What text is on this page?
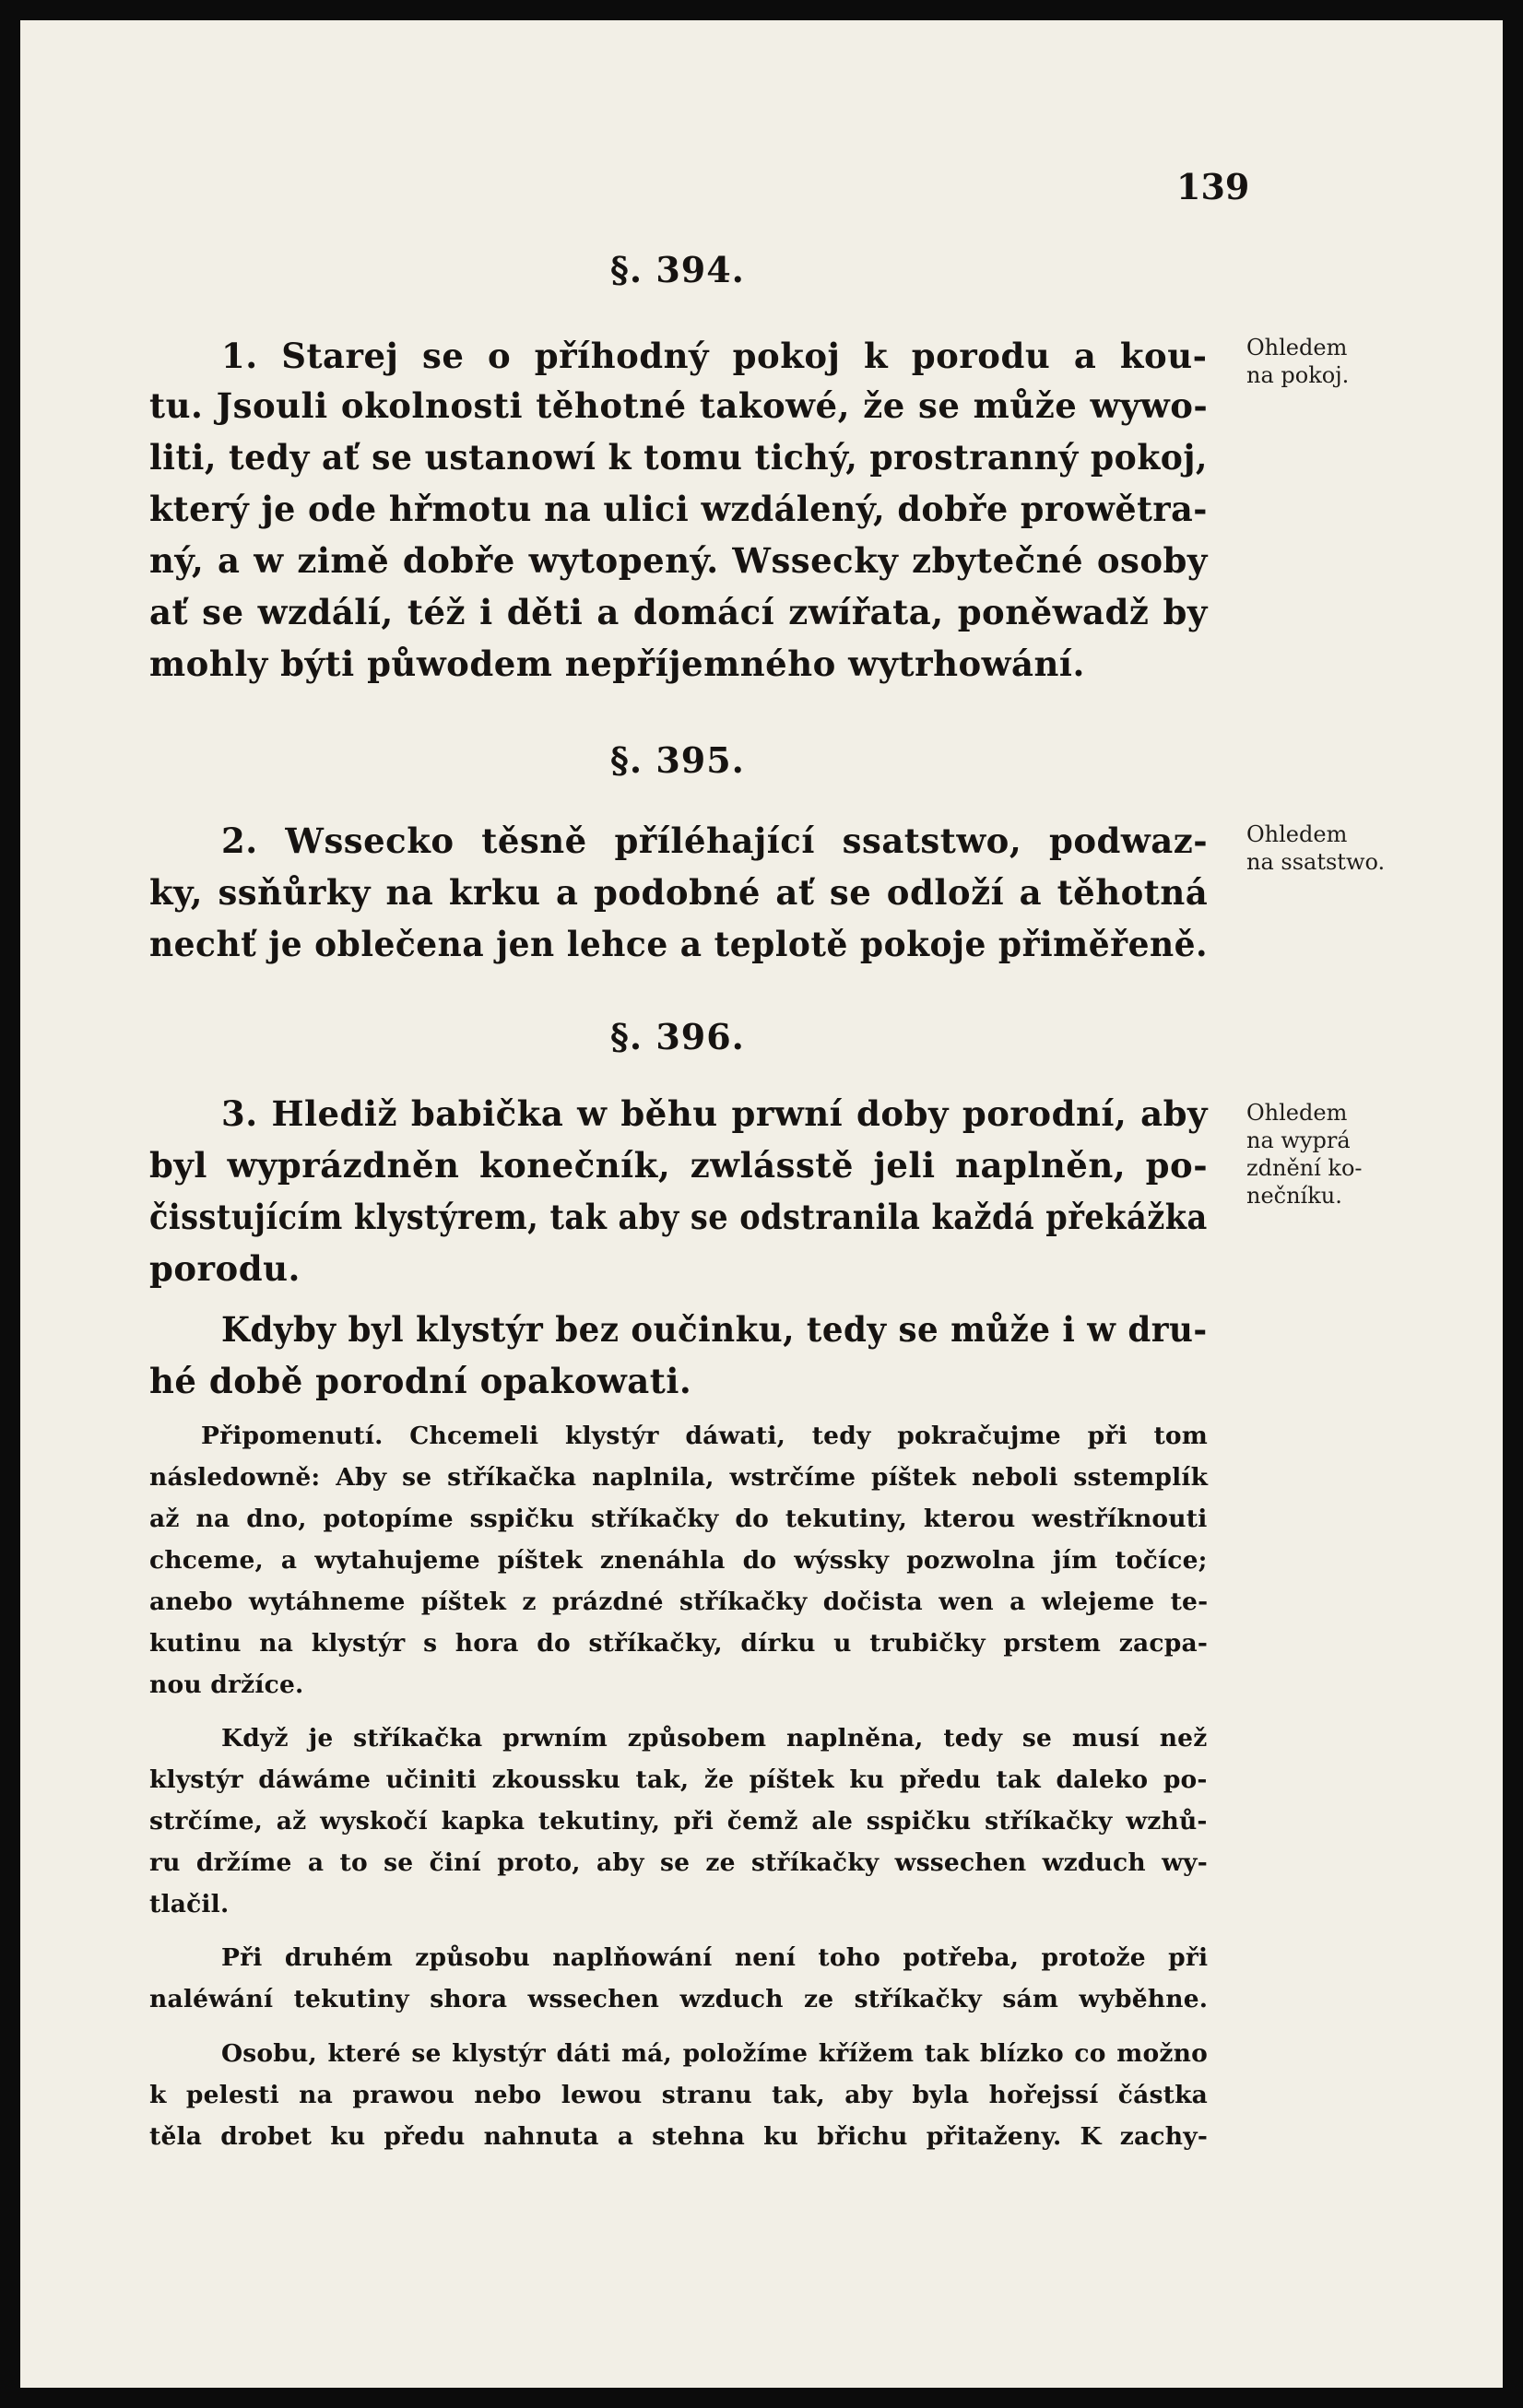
139
§. 394.
1. Starej se o příhodný pokoj k porodu a kou-
tu. Jsouli okolnosti těhotné takowé, že se může wywo-
liti, tedy ať se ustanowí k tomu tichý, prostranný pokoj,
který je ode hřmotu na ulici wzdálený, dobře prowětra-
ný, a w zimě dobře wytopený. Wssecky zbytečné osoby
ať se wzdálí, též i děti a domácí zwířata, poněwadž by
mohly býti půwodem nepříjemného wytrhowání.
Ohledem
na pokoj.
§. 395.
2. Wssecko těsně příléhající ssatstwo, podwaz-
ky, ssňůrky na krku a podobné ať se odloží a těhotná
nechť je oblečena jen lehce a teplotě pokoje přiměřeně.
Ohledem
na ssatstwo.
§. 396.
3. Hlediž babička w běhu prwní doby porodní, aby
byl wyprázdněn konečník, zwlásstě jeli naplněn, po-
čisstujícím klystýrem, tak aby se odstranila každá překážka
porodu.
Kdyby byl klystýr bez oučinku, tedy se může i w dru-
hé době porodní opakowati.
Ohledem
na wyprá
zdnění ko-
nečníku.
Připomenutí. Chcemeli klystýr dáwati, tedy pokračujme při tom
následowně: Aby se stříkačka naplnila, wstrčíme píštek neboli sstemplík
až na dno, potopíme sspičku stříkačky do tekutiny, kterou westříknouti
chceme, a wytahujeme píštek znenáhla do wýssky pozwolna jím točíce;
anebo wytáhneme píštek z prázdné stříkačky dočista wen a wlejeme te-
kutinu na klystýr s hora do stříkačky, dírku u trubičky prstem zacpa-
nou držíce.
Když je stříkačka prwním způsobem naplněna, tedy se musí než
klystýr dáwáme učiniti zkoussku tak, že píštek ku předu tak daleko po-
strčíme, až wyskočí kapka tekutiny, při čemž ale sspičku stříkačky wzhů-
ru držíme a to se činí proto, aby se ze stříkačky wssechen wzduch wy-
tlačil.
Při druhém způsobu naplňowání není toho potřeba, protože při
naléwání tekutiny shora wssechen wzduch ze stříkačky sám wyběhne.
Osobu, které se klystýr dáti má, položíme křížem tak blízko co možno
k pelesti na prawou nebo lewou stranu tak, aby byla hořejssí částka
těla drobet ku předu nahnuta a stehna ku břichu přitaženy. K zachy-
